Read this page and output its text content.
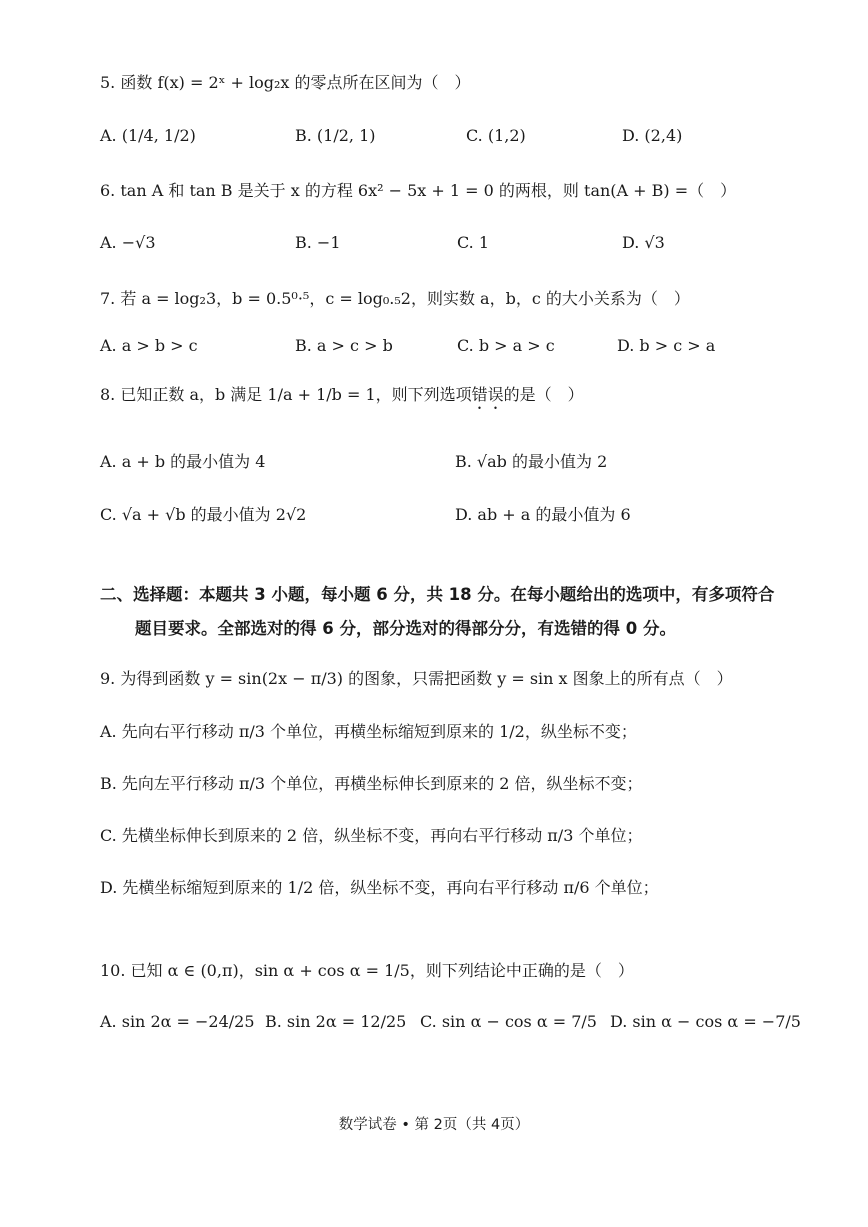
5. 函数 f(x) = 2ˣ + log₂x 的零点所在区间为（　）
A. (1/4, 1/2)	B. (1/2, 1)	C. (1,2)	D. (2,4)
6. tan A 和 tan B 是关于 x 的方程 6x² − 5x + 1 = 0 的两根，则 tan(A + B) =（　）
A. −√3	B. −1	C. 1	D. √3
7. 若 a = log₂3，b = 0.5⁰·⁵，c = log₀.₅2，则实数 a，b，c 的大小关系为（　）
A. a > b > c	B. a > c > b	C. b > a > c	D. b > c > a
8. 已知正数 a，b 满足 1/a + 1/b = 1，则下列选项错误的是（　）
A. a + b 的最小值为 4	B. √ab 的最小值为 2
C. √a + √b 的最小值为 2√2	D. ab + a 的最小值为 6
二、选择题：本题共 3 小题，每小题 6 分，共 18 分。在每小题给出的选项中，有多项符合
题目要求。全部选对的得 6 分，部分选对的得部分分，有选错的得 0 分。
9. 为得到函数 y = sin(2x − π/3) 的图象，只需把函数 y = sin x 图象上的所有点（　）
A. 先向右平行移动 π/3 个单位，再横坐标缩短到原来的 1/2，纵坐标不变；
B. 先向左平行移动 π/3 个单位，再横坐标伸长到原来的 2 倍，纵坐标不变；
C. 先横坐标伸长到原来的 2 倍，纵坐标不变，再向右平行移动 π/3 个单位；
D. 先横坐标缩短到原来的 1/2 倍，纵坐标不变，再向右平行移动 π/6 个单位；
10. 已知 α ∈ (0,π)，sin α + cos α = 1/5，则下列结论中正确的是（　）
A. sin 2α = −24/25 B. sin 2α = 12/25 C. sin α − cos α = 7/5 D. sin α − cos α = −7/5
数学试卷 • 第 2页（共 4页）
